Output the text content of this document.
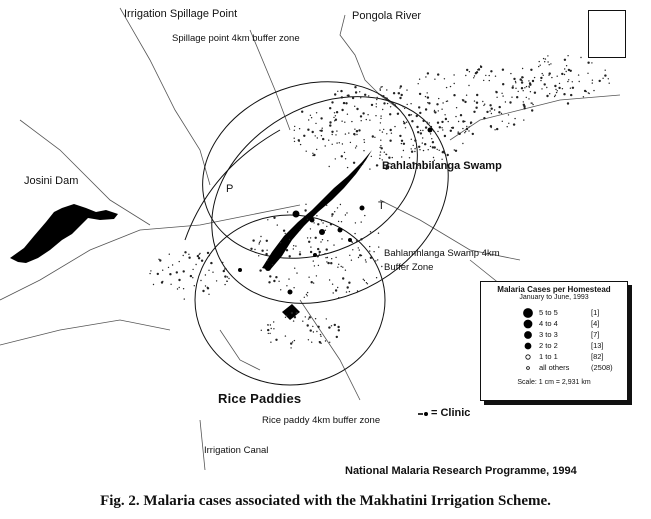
Irrigation Spillage Point
Spillage point 4km buffer zone
Pongola River
Josini Dam
Bahlambilanga Swamp
Bahlamhlanga Swamp 4km
Buffer Zone
Rice Paddies
Rice paddy 4km buffer zone
Irrigation Canal
= Clinic
National Malaria Research Programme, 1994
P
T
Malaria Cases per Homestead
January to June, 1993
5 to 5	[1]
4 to 4	[4]
3 to 3	[7]
2 to 2	[13]
1 to 1	[82]
all others	(2508)
Scale: 1 cm = 2,931 km
Fig. 2. Malaria cases associated with the Makhatini Irrigation Scheme.
